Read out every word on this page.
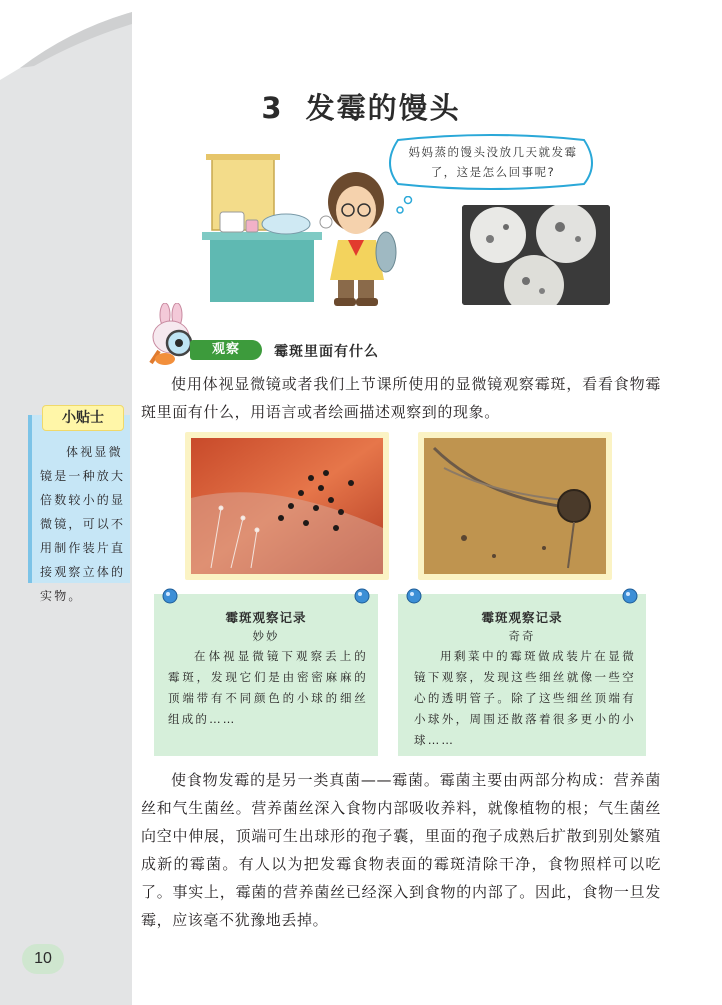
3 发霉的馒头
妈妈蒸的馒头没放几天就发霉了，这是怎么回事呢?
观察	霉斑里面有什么

使用体视显微镜或者我们上节课所使用的显微镜观察霉斑，看看食物霉斑里面有什么，用语言或者绘画描述观察到的现象。

小贴士
体视显微镜是一种放大倍数较小的显微镜，可以不用制作装片直接观察立体的实物。
霉斑观察记录
妙妙
在体视显微镜下观察丢上的霉斑，发现它们是由密密麻麻的顶端带有不同颜色的小球的细丝组成的……
霉斑观察记录
奇奇
用剩菜中的霉斑做成装片在显微镜下观察，发现这些细丝就像一些空心的透明管子。除了这些细丝顶端有小球外，周围还散落着很多更小的小球……

使食物发霉的是另一类真菌——霉菌。霉菌主要由两部分构成：营养菌丝和气生菌丝。营养菌丝深入食物内部吸收养料，就像植物的根；气生菌丝向空中伸展，顶端可生出球形的孢子囊，里面的孢子成熟后扩散到别处繁殖成新的霉菌。有人以为把发霉食物表面的霉斑清除干净，食物照样可以吃了。事实上，霉菌的营养菌丝已经深入到食物的内部了。因此，食物一旦发霉，应该毫不犹豫地丢掉。

10
